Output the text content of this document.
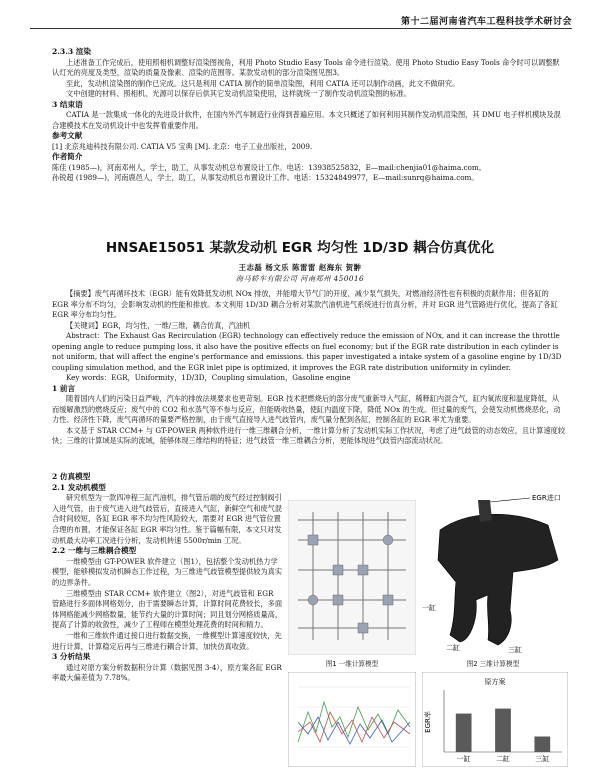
第十二届河南省汽车工程科技学术研讨会
2.3.3 渲染

上述准备工作完成后，使用照相机调整好渲染图视角，利用 Photo Studio Easy Tools 命令进行渲染。使用 Photo Studio Easy Tools 命令时可以调整默认灯光的亮度及类型，渲染的质量及像素、渲染的范围等。某款发动机的部分渲染图见图3。

至此，发动机渲染图的制作已完成。这只是利用 CATIA 制作的简单渲染图，利用 CATIA 还可以制作动画，此文不做研究。

文中创建的材料、照相机、光源可以保存后供其它发动机渲染使用，这样就统一了制作发动机渲染图的标准。

3 结束语

CATIA 是一款集成一体化的先进设计软件，在国内外汽车制造行业得到普遍应用。本文只概述了如何利用其制作发动机渲染图，其 DMU 电子样机模块及混合建模技术在发动机设计中也发挥着重要作用。

参考文献

[1] 北京兆迪科技有限公司. CATIA V5 宝典 [M]. 北京：电子工业出版社，2009.

作者简介

陈佳 (1985—)，河南邓州人，学士，助工，从事发动机总布置设计工作。电话：13938525832，E—mail:chenjia01@haima.com。

孙锐超 (1989—)，河南鹿邑人，学士，助工，从事发动机总布置设计工作。电话：15324849977，E—mail:sunrq@haima.com。

HNSAE15051 某款发动机 EGR 均匀性 1D/3D 耦合仿真优化
王志磊 杨文乐 陈雷雷 赵海东 贺翀
海马轿车有限公司 河南郑州 450016

【摘要】废气再循环技术（EGR）能有效降低发动机 NOx 排放，并能增大节气门的开度，减少泵气损失，对燃油经济性也有积极的贡献作用；但各缸的 EGR 率分布不均匀，会影响发动机的性能和排放。本文利用 1D/3D 耦合分析对某款汽油机进气系统进行仿真分析，并对 EGR 进气管路进行优化，提高了各缸 EGR 率分布均匀性。

【关键词】EGR，均匀性，一维/三维，耦合仿真，汽油机

Abstract：The Exhaust Gas Recirculation (EGR) technology can effectively reduce the emission of NOx, and it can increase the throttle opening angle to reduce pumping loss, it also have the positive effects on fuel economy; but if the EGR rate distribution in each cylinder is not uniform, that will affect the engine's performance and emissions. this paper investigated a intake system of a gasoline engine by 1D/3D coupling simulation method, and the EGR inlet pipe is optimized, it improves the EGR rate distribution uniformity in cylinder.

Key words：EGR，Uniformity，1D/3D，Coupling simulation，Gasoline engine

1 前言

随着国内人们的污染日益严峻，汽车的排放法规要求也更苛刻。EGR 技术把燃烧后的部分废气重新导入气缸，稀释缸内混合气，缸内氧浓度和温度降低，从而缓解激烈的燃烧反应；废气中的 CO2 和水蒸气等不参与反应，但能吸收热量，使缸内温度下降，降低 NOx 的生成。但过量的废气，会使发动机燃烧恶化，动力性、经济性下降，废气再循环的量要严格控制，由于废气直接导入进气歧管内，废气量分配到各缸，控制各缸的 EGR 率尤为重要。

本文基于 STAR CCM+ 与 GT-POWER 两种软件进行一维三维耦合分析，一维计算分析了发动机实际工作状况，考虑了进气歧管的动态效应，且计算速度较快；三维的计算域是实际的流域，能够体现三维结构的特征；进气歧管一维三维耦合分析，更能体现进气歧管内部流动状况。

2 仿真模型
2.1 发动机模型

研究机型为一款四冲程三缸汽油机，排气管后端的废气经过控制阀引入进气管，由于废气进入进气歧管后，直接进入气缸，新鲜空气和废气混合时间较短，各缸 EGR 率不均匀性风险较大，需要对 EGR 进气管位置合理的布置，才能保证各缸 EGR 率均匀性。鉴于篇幅有限，本文只对发动机最大功率工况进行分析，发动机转速 5500r/min 工况。

2.2 一维与三维耦合模型

一维模型由 GT-POWER 软件建立（图1），包括整个发动机热力学模型，能够模拟发动机瞬态工作过程，为三维进气歧管模型提供较为真实的边界条件。

三维模型由 STAR CCM+ 软件建立（图2），对进气歧管和 EGR 管路进行多面体网格划分，由于需要瞬态计算，计算时间花费较长，多面体网格能减少网格数量，能节约大量的计算时间；同且划分网格质量高，提高了计算的收敛性，减少了工程师在模型处理花费的时间和精力。

一维和三维软件通过接口进行数据交换，一维模型计算速度较快，先进行计算，计算稳定后再与三维进行耦合计算，加快仿真收敛。

3 分析结果

通过对原方案分析数据积分计算（数据见图 3-4），原方案各缸 EGR 率最大偏差值为 7.78%。

图1 一维计算模型
EGR进口
一缸
二缸	三缸
图2 三维计算模型
原方案
EGR率
一缸	二缸	三缸
